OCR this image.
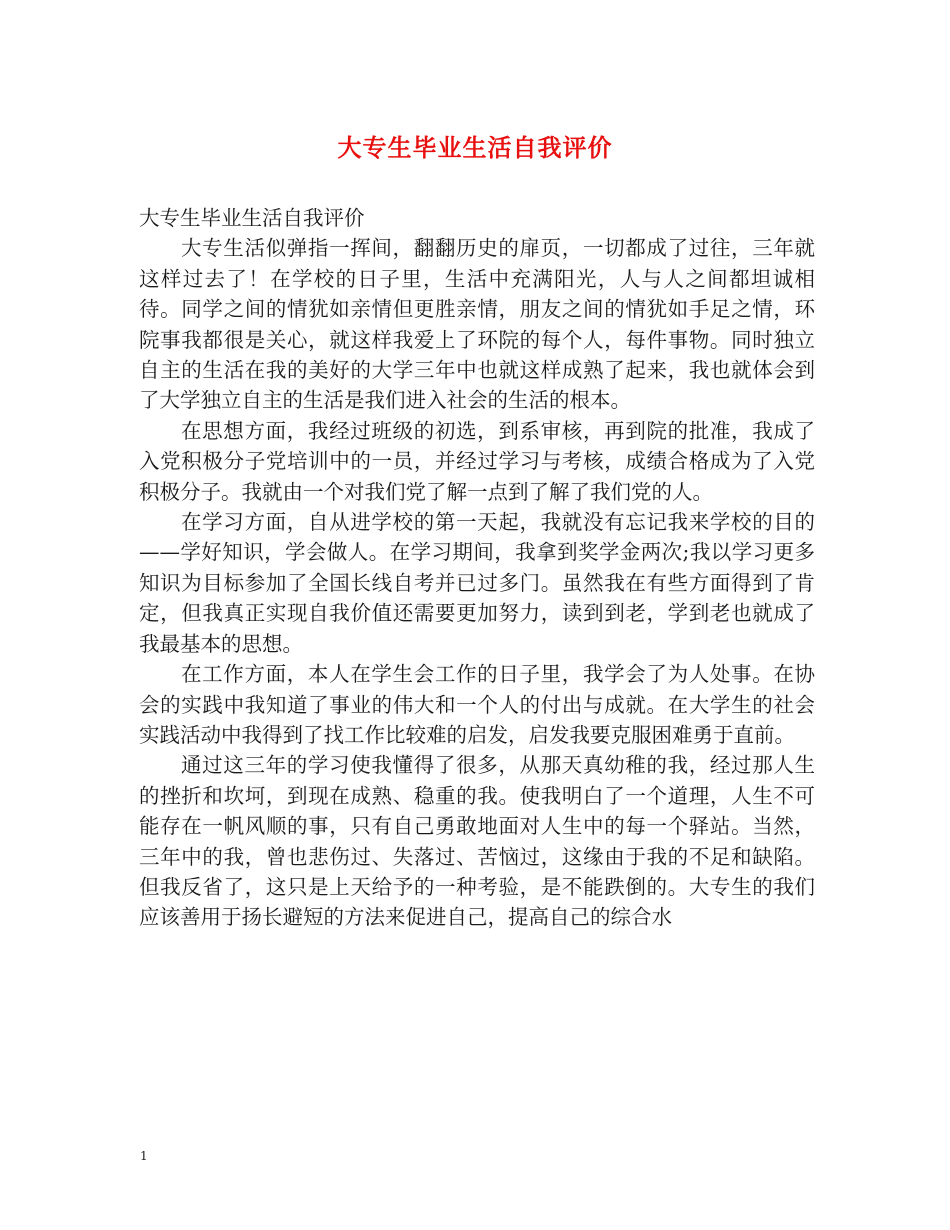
大专生毕业生活自我评价

大专生毕业生活自我评价

大专生活似弹指一挥间，翻翻历史的扉页，一切都成了过往，三年就这样过去了！在学校的日子里，生活中充满阳光，人与人之间都坦诚相待。同学之间的情犹如亲情但更胜亲情，朋友之间的情犹如手足之情，环院事我都很是关心，就这样我爱上了环院的每个人，每件事物。同时独立自主的生活在我的美好的大学三年中也就这样成熟了起来，我也就体会到了大学独立自主的生活是我们进入社会的生活的根本。

在思想方面，我经过班级的初选，到系审核，再到院的批准，我成了入党积极分子党培训中的一员，并经过学习与考核，成绩合格成为了入党积极分子。我就由一个对我们党了解一点到了解了我们党的人。

在学习方面，自从进学校的第一天起，我就没有忘记我来学校的目的——学好知识，学会做人。在学习期间，我拿到奖学金两次;我以学习更多知识为目标参加了全国长线自考并已过多门。虽然我在有些方面得到了肯定，但我真正实现自我价值还需要更加努力，读到到老，学到老也就成了我最基本的思想。

在工作方面，本人在学生会工作的日子里，我学会了为人处事。在协会的实践中我知道了事业的伟大和一个人的付出与成就。在大学生的社会实践活动中我得到了找工作比较难的启发，启发我要克服困难勇于直前。

通过这三年的学习使我懂得了很多，从那天真幼稚的我，经过那人生的挫折和坎坷，到现在成熟、稳重的我。使我明白了一个道理，人生不可能存在一帆风顺的事，只有自己勇敢地面对人生中的每一个驿站。当然，三年中的我，曾也悲伤过、失落过、苦恼过，这缘由于我的不足和缺陷。但我反省了，这只是上天给予的一种考验，是不能跌倒的。大专生的我们应该善用于扬长避短的方法来促进自己，提高自己的综合水

1
